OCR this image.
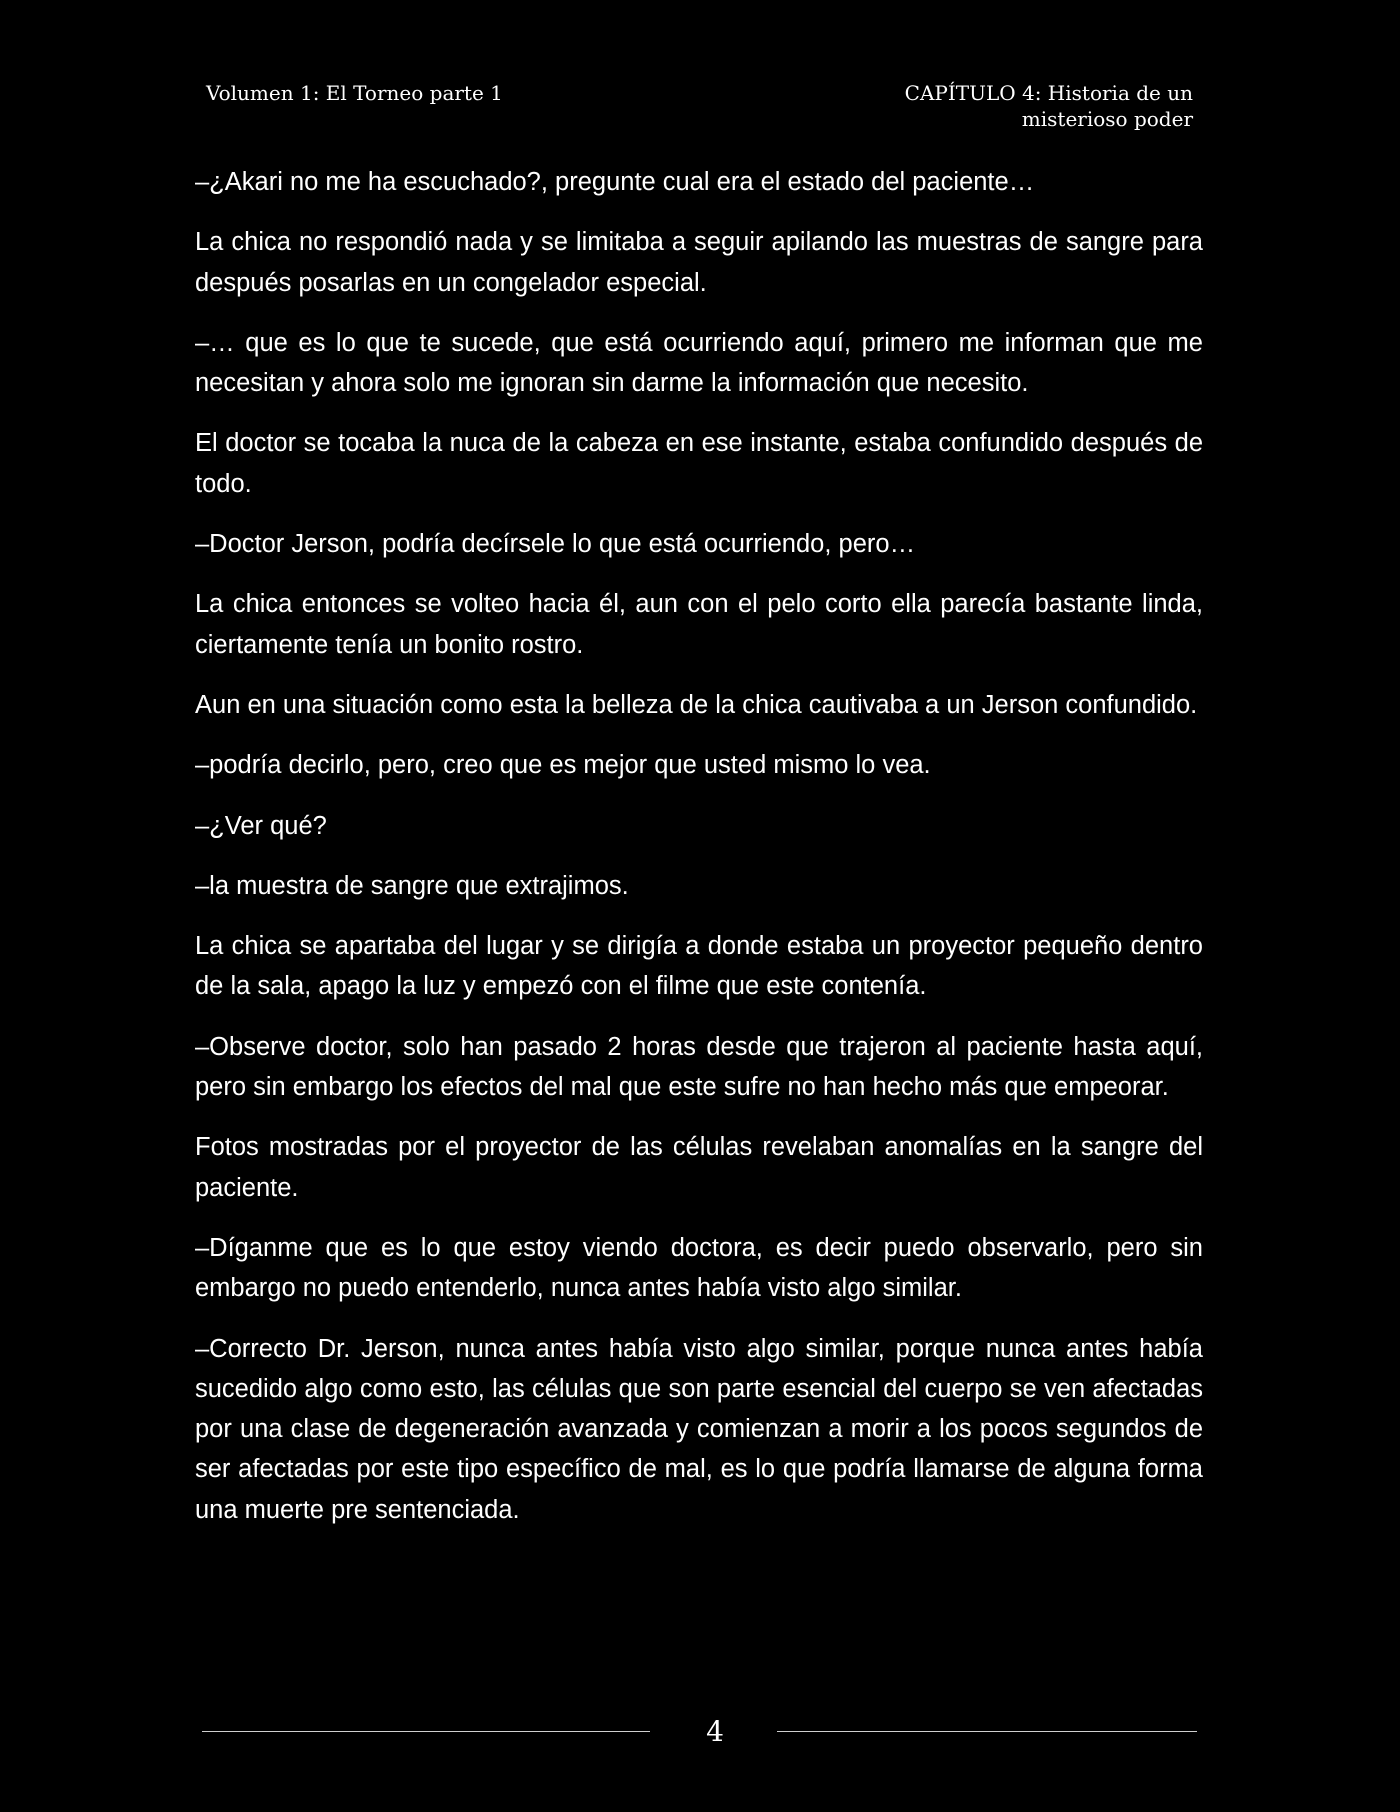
Volumen 1: El Torneo parte 1	CAPÍTULO 4: Historia de un
misterioso poder

–¿Akari no me ha escuchado?, pregunte cual era el estado del paciente…

La chica no respondió nada y se limitaba a seguir apilando las muestras de sangre para después posarlas en un congelador especial.

–… que es lo que te sucede, que está ocurriendo aquí, primero me informan que me necesitan y ahora solo me ignoran sin darme la información que necesito.

El doctor se tocaba la nuca de la cabeza en ese instante, estaba confundido después de todo.

–Doctor Jerson, podría decírsele lo que está ocurriendo, pero…

La chica entonces se volteo hacia él, aun con el pelo corto ella parecía bastante linda, ciertamente tenía un bonito rostro.

Aun en una situación como esta la belleza de la chica cautivaba a un Jerson confundido.

–podría decirlo, pero, creo que es mejor que usted mismo lo vea.

–¿Ver qué?

–la muestra de sangre que extrajimos.

La chica se apartaba del lugar y se dirigía a donde estaba un proyector pequeño dentro de la sala, apago la luz y empezó con el filme que este contenía.

–Observe doctor, solo han pasado 2 horas desde que trajeron al paciente hasta aquí, pero sin embargo los efectos del mal que este sufre no han hecho más que empeorar.

Fotos mostradas por el proyector de las células revelaban anomalías en la sangre del paciente.

–Díganme que es lo que estoy viendo doctora, es decir puedo observarlo, pero sin embargo no puedo entenderlo, nunca antes había visto algo similar.

–Correcto Dr. Jerson, nunca antes había visto algo similar, porque nunca antes había sucedido algo como esto, las células que son parte esencial del cuerpo se ven afectadas por una clase de degeneración avanzada y comienzan a morir a los pocos segundos de ser afectadas por este tipo específico de mal, es lo que podría llamarse de alguna forma una muerte pre sentenciada.

4
